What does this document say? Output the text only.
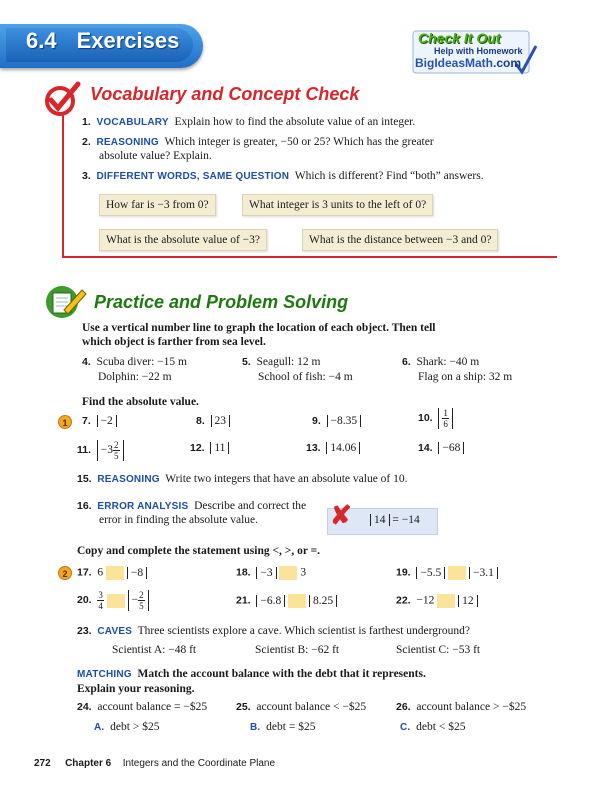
6.4 Exercises	Check It Out
Help with Homework
BigIdeasMath.com
Vocabulary and Concept Check
1. VOCABULARY Explain how to find the absolute value of an integer.
2. REASONING Which integer is greater, −50 or 25? Which has the greater
absolute value? Explain.
3. DIFFERENT WORDS, SAME QUESTION Which is different? Find “both” answers.
How far is −3 from 0?	What integer is 3 units to the left of 0?
What is the absolute value of −3?	What is the distance between −3 and 0?
Practice and Problem Solving
Use a vertical number line to graph the location of each object. Then tell
which object is farther from sea level.
4. Scuba diver: −15 m
Dolphin: −22 m
5. Seagull: 12 m
School of fish: −4 m
6. Shark: −40 m
Flag on a ship: 32 m
Find the absolute value.
1	7. −2	8. 23	9. −8.35	10. $\frac{1}{6}$
11. $-3 \frac{2}{5}$	12. 11	13. 14.06	14. −68
15. REASONING Write two integers that have an absolute value of 10.
16. ERROR ANALYSIS Describe and correct the
error in finding the absolute value.	✘	14 = −14
Copy and complete the statement using <, >, or =.
2 17. 6 −8	18. −3 3	19. −5.5	−3.1
20. $\frac{3}{4} - \frac{2}{5}$	21. −6.8	8.25	22. −12 12
23. CAVES Three scientists explore a cave. Which scientist is farthest underground?
Scientist A: −48 ft	Scientist B: −62 ft	Scientist C: −53 ft
MATCHING Match the account balance with the debt that it represents.
Explain your reasoning.
24. account balance = −$25	25. account balance < −$25	26. account balance > −$25
A. debt > $25	B. debt = $25	C. debt < $25
272 Chapter 6 Integers and the Coordinate Plane
